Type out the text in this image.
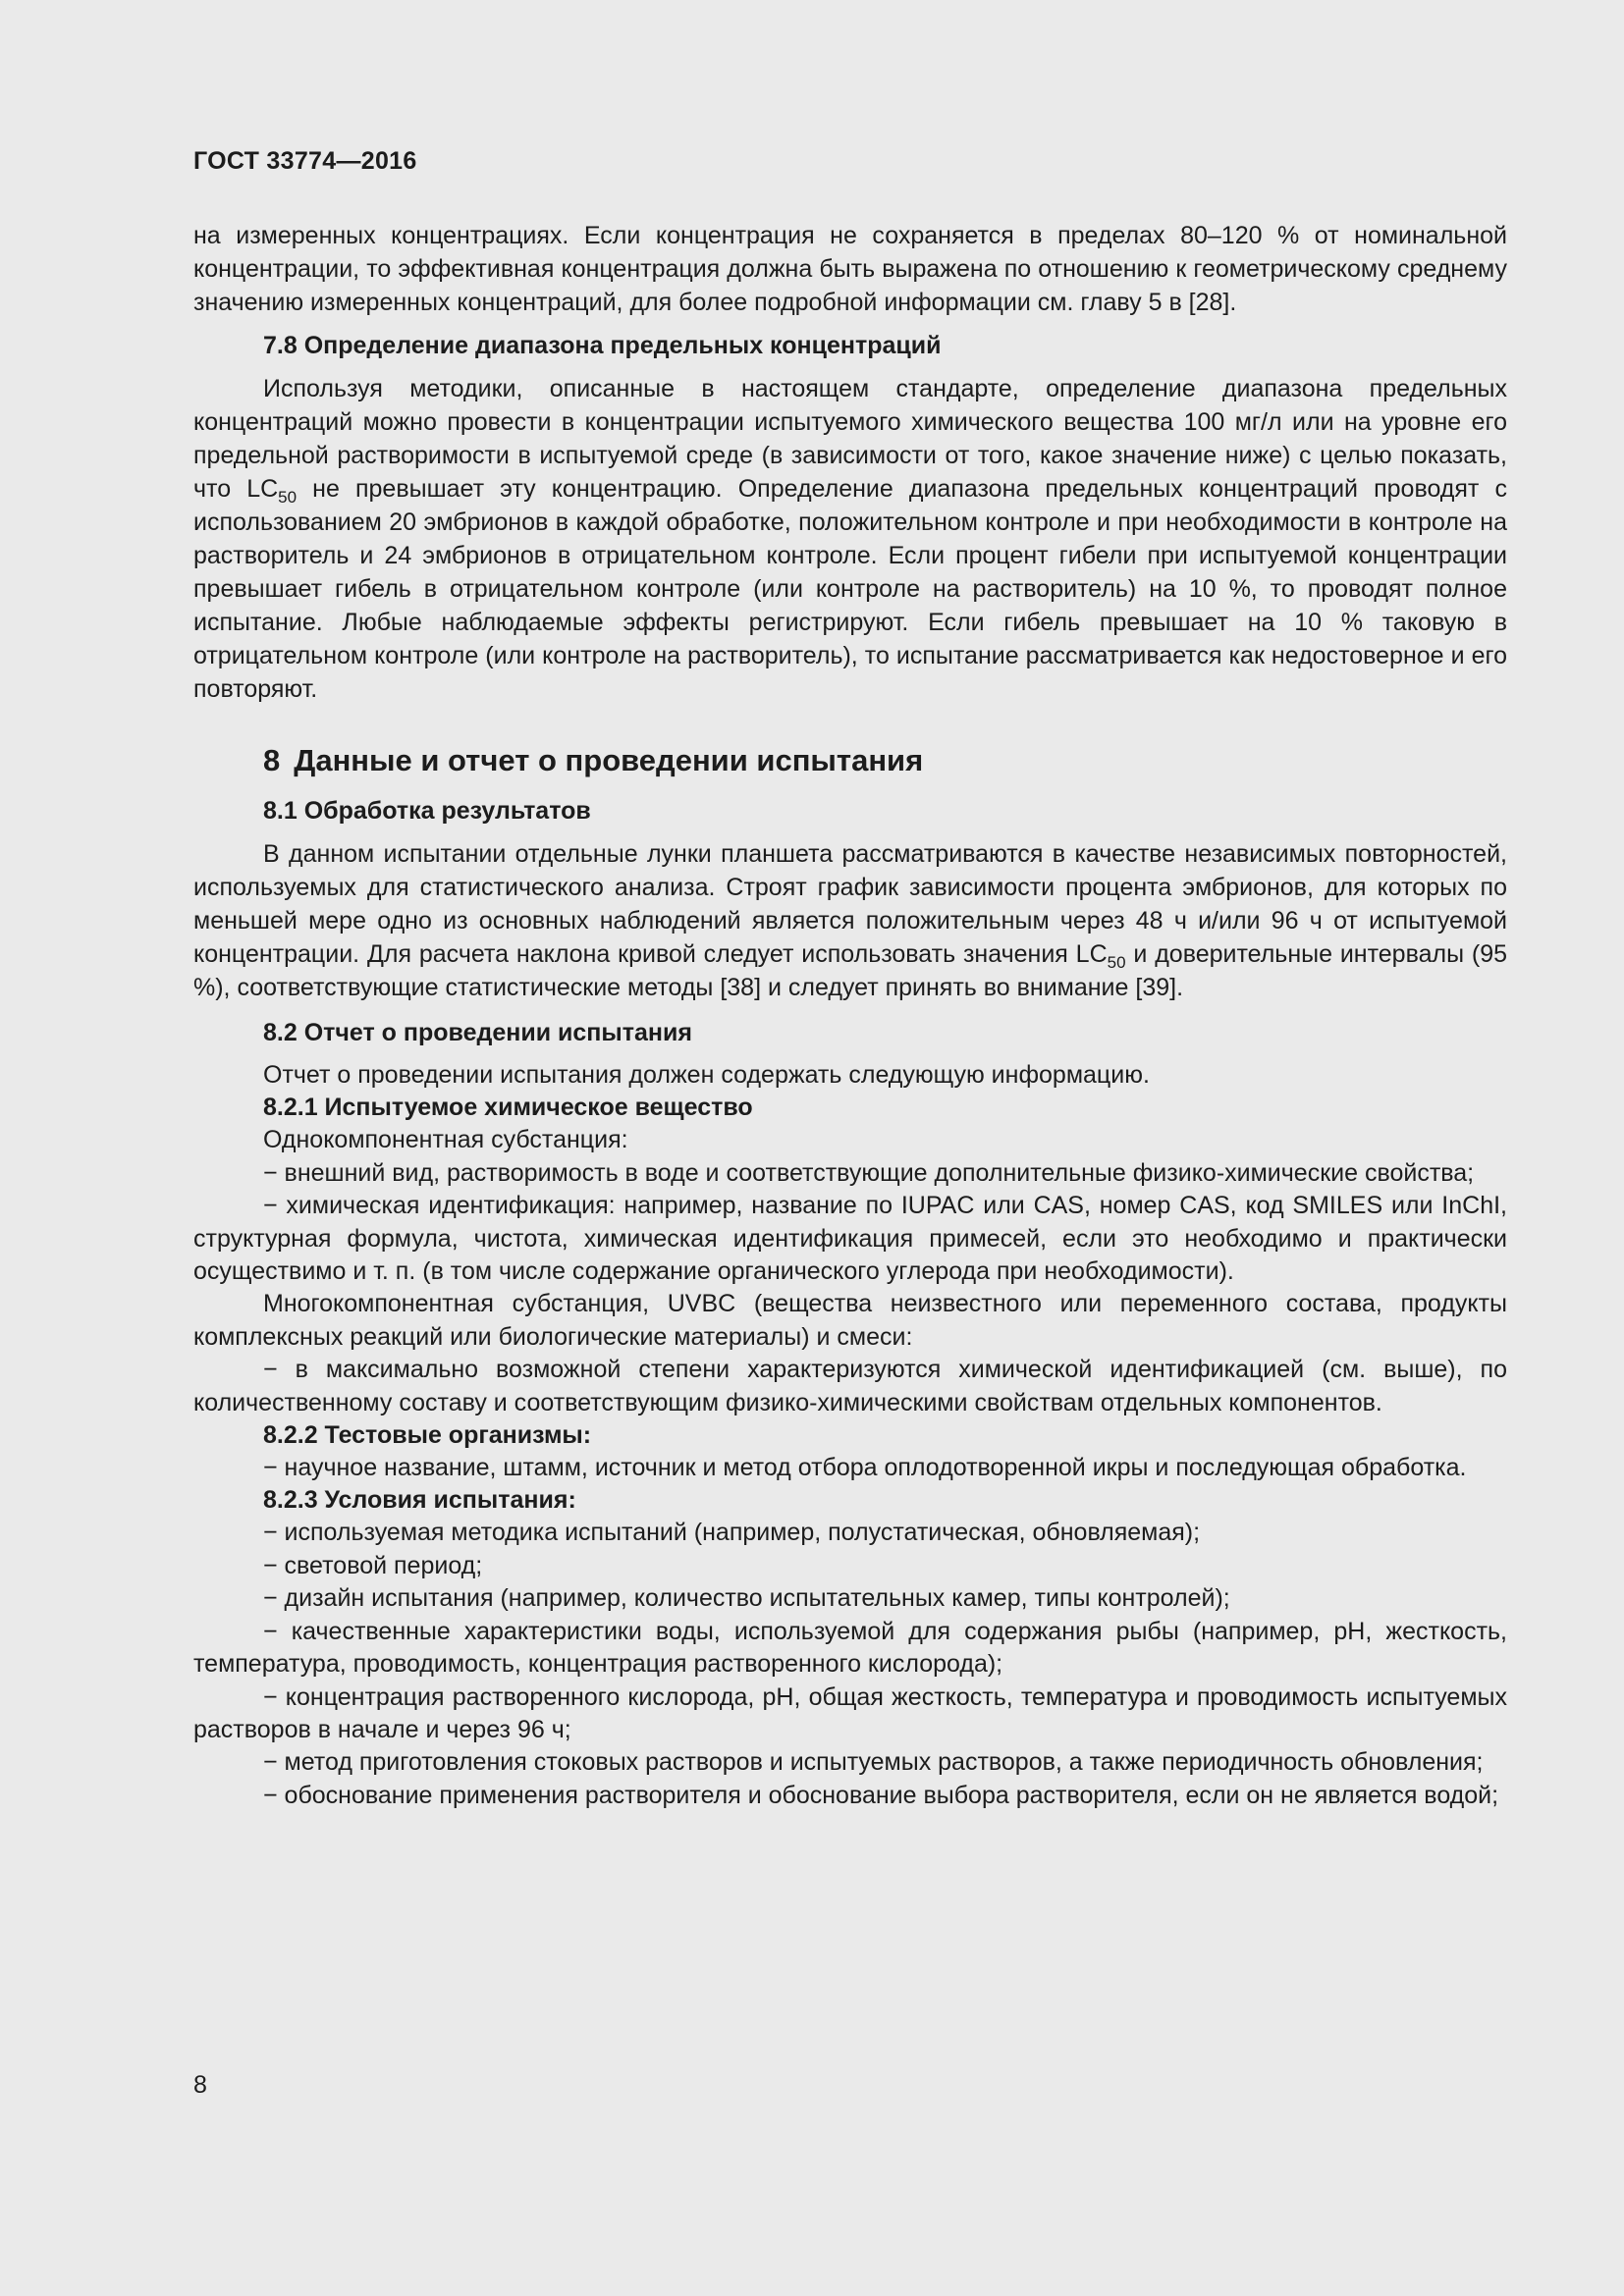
ГОСТ 33774—2016

на измеренных концентрациях. Если концентрация не сохраняется в пределах 80–120 % от номинальной концентрации, то эффективная концентрация должна быть выражена по отношению к геометрическому среднему значению измеренных концентраций, для более подробной информации см. главу 5 в [28].

7.8 Определение диапазона предельных концентраций

Используя методики, описанные в настоящем стандарте, определение диапазона предельных концентраций можно провести в концентрации испытуемого химического вещества 100 мг/л или на уровне его предельной растворимости в испытуемой среде (в зависимости от того, какое значение ниже) с целью показать, что $LC_{50}$ не превышает эту концентрацию. Определение диапазона предельных концентраций проводят с использованием 20 эмбрионов в каждой обработке, положительном контроле и при необходимости в контроле на растворитель и 24 эмбрионов в отрицательном контроле. Если процент гибели при испытуемой концентрации превышает гибель в отрицательном контроле (или контроле на растворитель) на 10 %, то проводят полное испытание. Любые наблюдаемые эффекты регистрируют. Если гибель превышает на 10 % таковую в отрицательном контроле (или контроле на растворитель), то испытание рассматривается как недостоверное и его повторяют.

8 Данные и отчет о проведении испытания
8.1 Обработка результатов

В данном испытании отдельные лунки планшета рассматриваются в качестве независимых повторностей, используемых для статистического анализа. Строят график зависимости процента эмбрионов, для которых по меньшей мере одно из основных наблюдений является положительным через 48 ч и/или 96 ч от испытуемой концентрации. Для расчета наклона кривой следует использовать значения $LC_{50}$ и доверительные интервалы (95 %), соответствующие статистические методы [38] и следует принять во внимание [39].

8.2 Отчет о проведении испытания

Отчет о проведении испытания должен содержать следующую информацию.

8.2.1 Испытуемое химическое вещество

Однокомпонентная субстанция:

− внешний вид, растворимость в воде и соответствующие дополнительные физико-химические свойства;

− химическая идентификация: например, название по IUPAC или CAS, номер CAS, код SMILES или InChI, структурная формула, чистота, химическая идентификация примесей, если это необходимо и практически осуществимо и т. п. (в том числе содержание органического углерода при необходимости).

Многокомпонентная субстанция, UVBC (вещества неизвестного или переменного состава, продукты комплексных реакций или биологические материалы) и смеси:

− в максимально возможной степени характеризуются химической идентификацией (см. выше), по количественному составу и соответствующим физико-химическими свойствам отдельных компонентов.

8.2.2 Тестовые организмы:

− научное название, штамм, источник и метод отбора оплодотворенной икры и последующая обработка.

8.2.3 Условия испытания:

− используемая методика испытаний (например, полустатическая, обновляемая);

− световой период;

− дизайн испытания (например, количество испытательных камер, типы контролей);

− качественные характеристики воды, используемой для содержания рыбы (например, pH, жесткость, температура, проводимость, концентрация растворенного кислорода);

− концентрация растворенного кислорода, pH, общая жесткость, температура и проводимость испытуемых растворов в начале и через 96 ч;

− метод приготовления стоковых растворов и испытуемых растворов, а также периодичность обновления;

− обоснование применения растворителя и обоснование выбора растворителя, если он не является водой;

8
